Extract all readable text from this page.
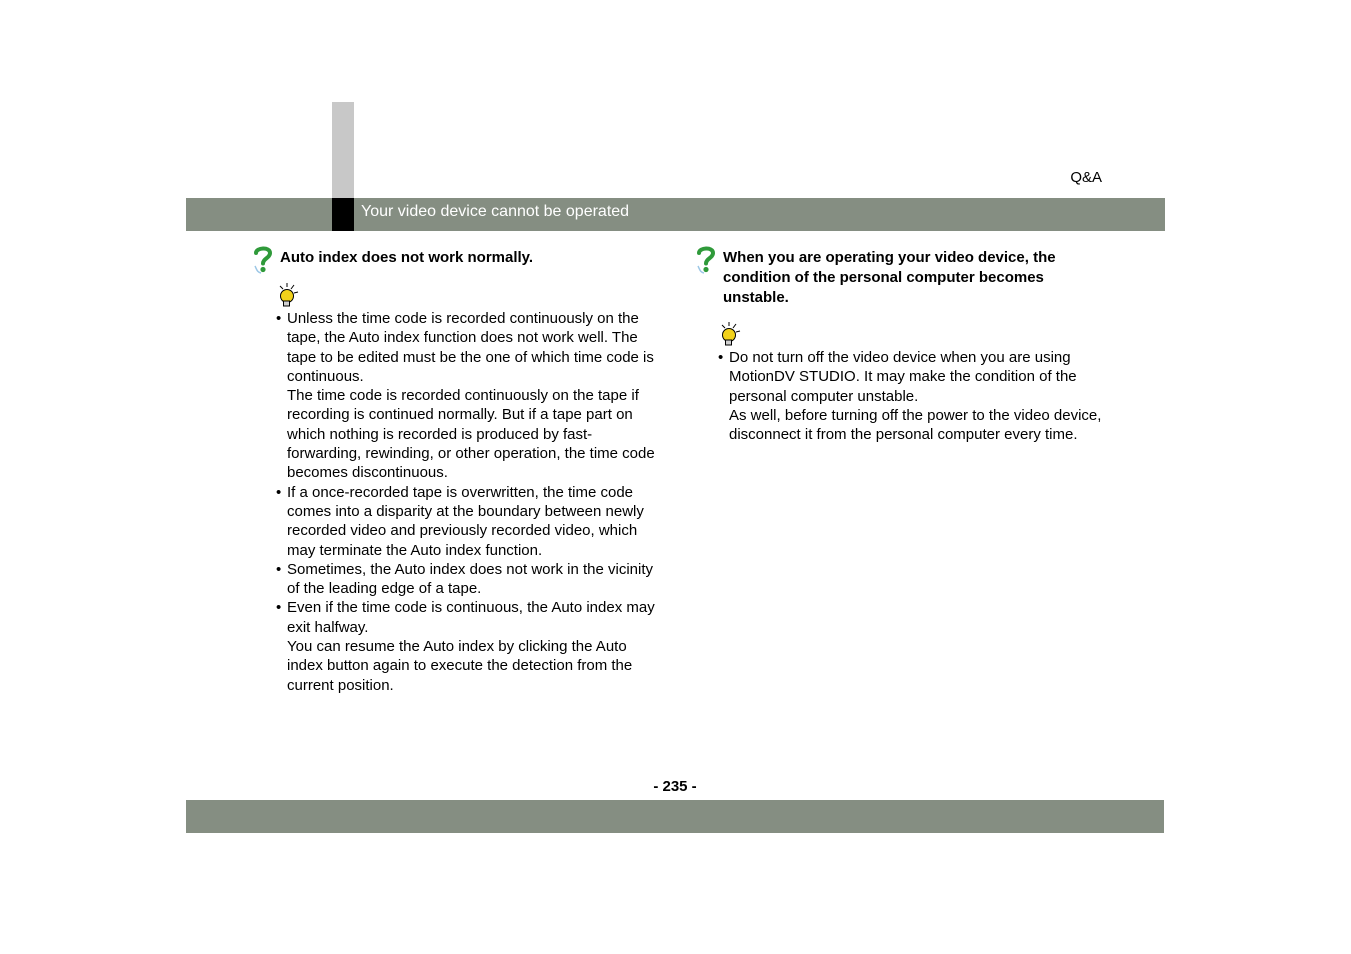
Q&A
Your video device cannot be operated
Auto index does not work normally.

• Unless the time code is recorded continuously on the tape, the Auto index function does not work well. The tape to be edited must be the one of which time code is continuous.

The time code is recorded continuously on the tape if recording is continued normally. But if a tape part on which nothing is recorded is produced by fast-forwarding, rewinding, or other operation, the time code becomes discontinuous.

• If a once-recorded tape is overwritten, the time code comes into a disparity at the boundary between newly recorded video and previously recorded video, which may terminate the Auto index function.

• Sometimes, the Auto index does not work in the vicinity of the leading edge of a tape.

• Even if the time code is continuous, the Auto index may exit halfway.

You can resume the Auto index by clicking the Auto index button again to execute the detection from the current position.

When you are operating your video device, the condition of the personal computer becomes unstable.

• Do not turn off the video device when you are using MotionDV STUDIO. It may make the condition of the personal computer unstable.

As well, before turning off the power to the video device, disconnect it from the personal computer every time.

- 235 -
